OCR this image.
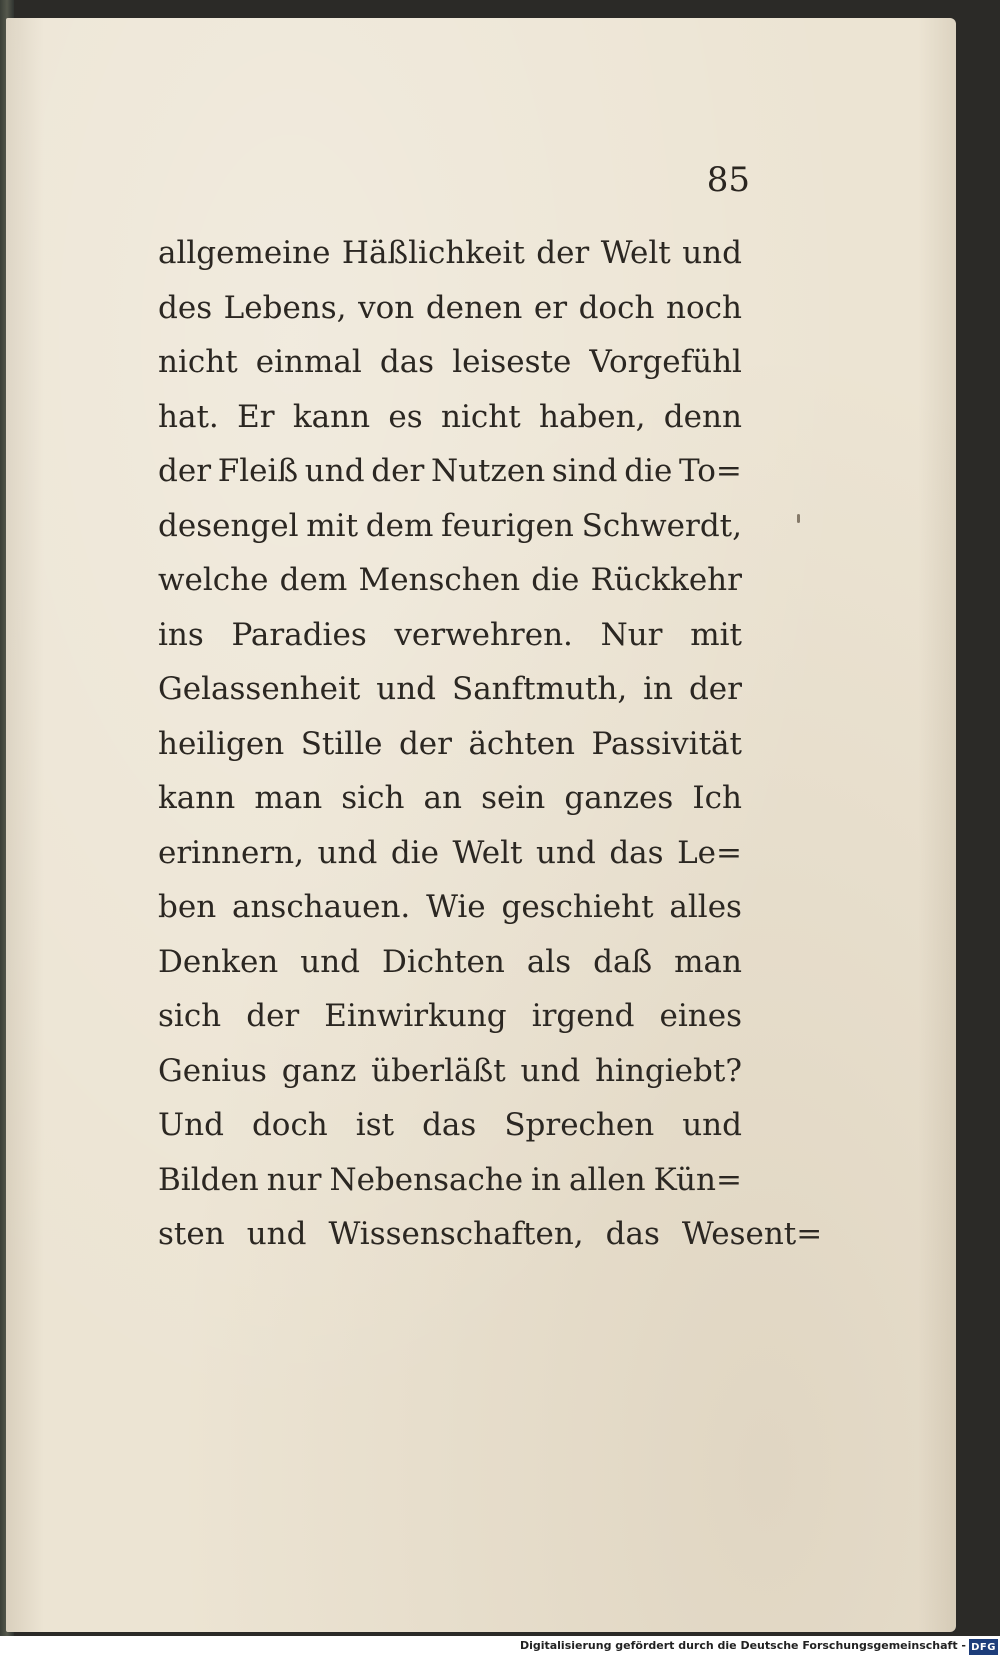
85
allgemeine Häßlichkeit der Welt und
des Lebens, von denen er doch noch
nicht einmal das leiseste Vorgefühl
hat. Er kann es nicht haben, denn
der Fleiß und der Nutzen sind die To=
desengel mit dem feurigen Schwerdt,
welche dem Menschen die Rückkehr
ins Paradies verwehren. Nur mit
Gelassenheit und Sanftmuth, in der
heiligen Stille der ächten Passivität
kann man sich an sein ganzes Ich
erinnern, und die Welt und das Le=
ben anschauen. Wie geschieht alles
Denken und Dichten als daß man
sich der Einwirkung irgend eines
Genius ganz überläßt und hingiebt?
Und doch ist das Sprechen und
Bilden nur Nebensache in allen Kün=
sten und Wissenschaften, das Wesent=
Digitalisierung gefördert durch die Deutsche Forschungsgemeinschaft - DFG
